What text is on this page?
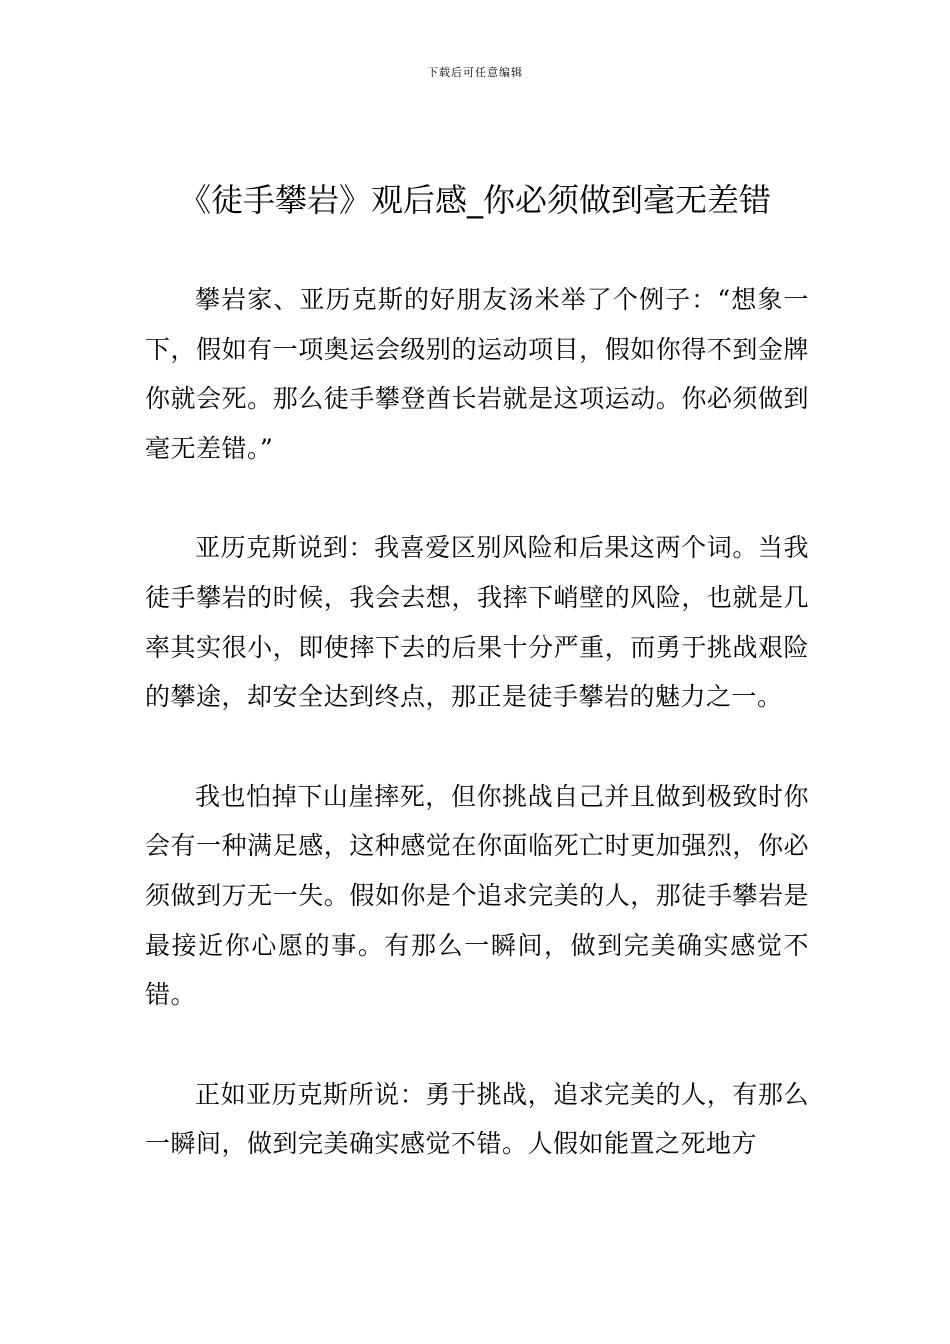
下载后可任意编辑
《徒手攀岩》观后感_你必须做到毫无差错

攀岩家、亚历克斯的好朋友汤米举了个例子：“想象一下，假如有一项奥运会级别的运动项目，假如你得不到金牌你就会死。那么徒手攀登酋长岩就是这项运动。你必须做到毫无差错。”

亚历克斯说到：我喜爱区别风险和后果这两个词。当我徒手攀岩的时候，我会去想，我摔下峭壁的风险，也就是几率其实很小，即使摔下去的后果十分严重，而勇于挑战艰险的攀途，却安全达到终点，那正是徒手攀岩的魅力之一。

我也怕掉下山崖摔死，但你挑战自己并且做到极致时你会有一种满足感，这种感觉在你面临死亡时更加强烈，你必须做到万无一失。假如你是个追求完美的人，那徒手攀岩是最接近你心愿的事。有那么一瞬间，做到完美确实感觉不错。

正如亚历克斯所说：勇于挑战，追求完美的人，有那么一瞬间，做到完美确实感觉不错。人假如能置之死地方
